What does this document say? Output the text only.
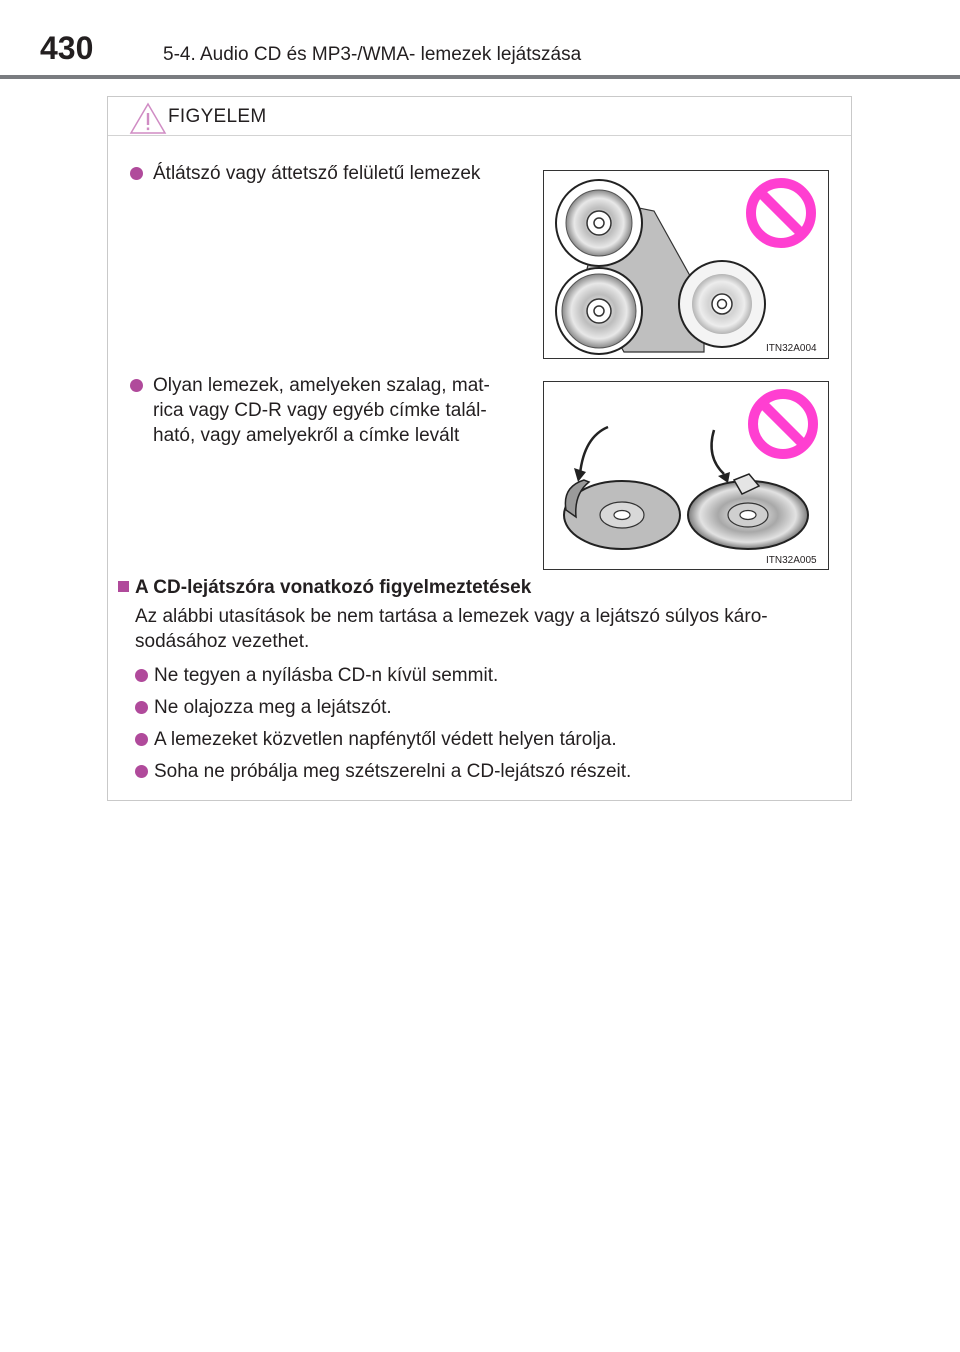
430	5-4. Audio CD és MP3-/WMA- lemezek lejátszása
FIGYELEM
Átlátszó vagy áttetsző felületű lemezek
ITN32A004
Olyan lemezek, amelyeken szalag, mat-
rica vagy CD-R vagy egyéb címke talál-
ható, vagy amelyekről a címke levált
ITN32A005
A CD-lejátszóra vonatkozó figyelmeztetések
Az alábbi utasítások be nem tartása a lemezek vagy a lejátszó súlyos káro-
sodásához vezethet.
Ne tegyen a nyílásba CD-n kívül semmit.
Ne olajozza meg a lejátszót.
A lemezeket közvetlen napfénytől védett helyen tárolja.
Soha ne próbálja meg szétszerelni a CD-lejátszó részeit.
